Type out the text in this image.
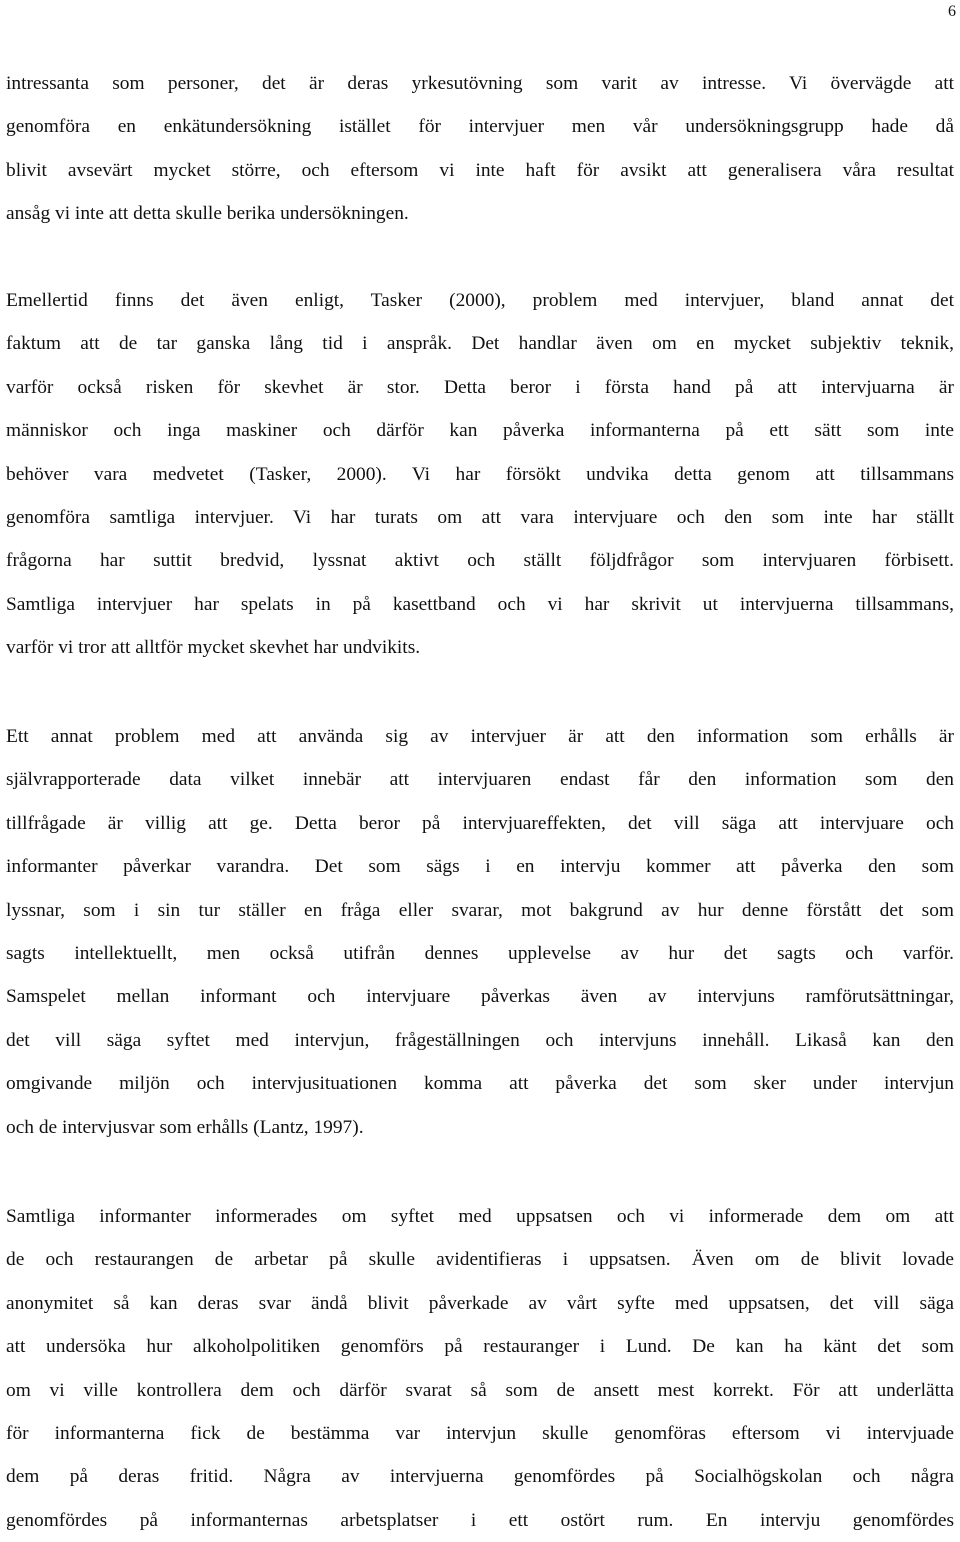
6
intressanta som personer, det är deras yrkesutövning som varit av intresse. Vi övervägde att
genomföra en enkätundersökning istället för intervjuer men vår undersökningsgrupp hade då
blivit avsevärt mycket större, och eftersom vi inte haft för avsikt att generalisera våra resultat
ansåg vi inte att detta skulle berika undersökningen.
Emellertid finns det även enligt, Tasker (2000), problem med intervjuer, bland annat det
faktum att de tar ganska lång tid i anspråk. Det handlar även om en mycket subjektiv teknik,
varför också risken för skevhet är stor. Detta beror i första hand på att intervjuarna är
människor och inga maskiner och därför kan påverka informanterna på ett sätt som inte
behöver vara medvetet (Tasker, 2000). Vi har försökt undvika detta genom att tillsammans
genomföra samtliga intervjuer. Vi har turats om att vara intervjuare och den som inte har ställt
frågorna har suttit bredvid, lyssnat aktivt och ställt följdfrågor som intervjuaren förbisett.
Samtliga intervjuer har spelats in på kasettband och vi har skrivit ut intervjuerna tillsammans,
varför vi tror att alltför mycket skevhet har undvikits.
Ett annat problem med att använda sig av intervjuer är att den information som erhålls är
självrapporterade data vilket innebär att intervjuaren endast får den information som den
tillfrågade är villig att ge. Detta beror på intervjuareffekten, det vill säga att intervjuare och
informanter påverkar varandra. Det som sägs i en intervju kommer att påverka den som
lyssnar, som i sin tur ställer en fråga eller svarar, mot bakgrund av hur denne förstått det som
sagts intellektuellt, men också utifrån dennes upplevelse av hur det sagts och varför.
Samspelet mellan informant och intervjuare påverkas även av intervjuns ramförutsättningar,
det vill säga syftet med intervjun, frågeställningen och intervjuns innehåll. Likaså kan den
omgivande miljön och intervjusituationen komma att påverka det som sker under intervjun
och de intervjusvar som erhålls (Lantz, 1997).
Samtliga informanter informerades om syftet med uppsatsen och vi informerade dem om att
de och restaurangen de arbetar på skulle avidentifieras i uppsatsen. Även om de blivit lovade
anonymitet så kan deras svar ändå blivit påverkade av vårt syfte med uppsatsen, det vill säga
att undersöka hur alkoholpolitiken genomförs på restauranger i Lund. De kan ha känt det som
om vi ville kontrollera dem och därför svarat så som de ansett mest korrekt. För att underlätta
för informanterna fick de bestämma var intervjun skulle genomföras eftersom vi intervjuade
dem på deras fritid. Några av intervjuerna genomfördes på Socialhögskolan och några
genomfördes på informanternas arbetsplatser i ett ostört rum. En intervju genomfördes
